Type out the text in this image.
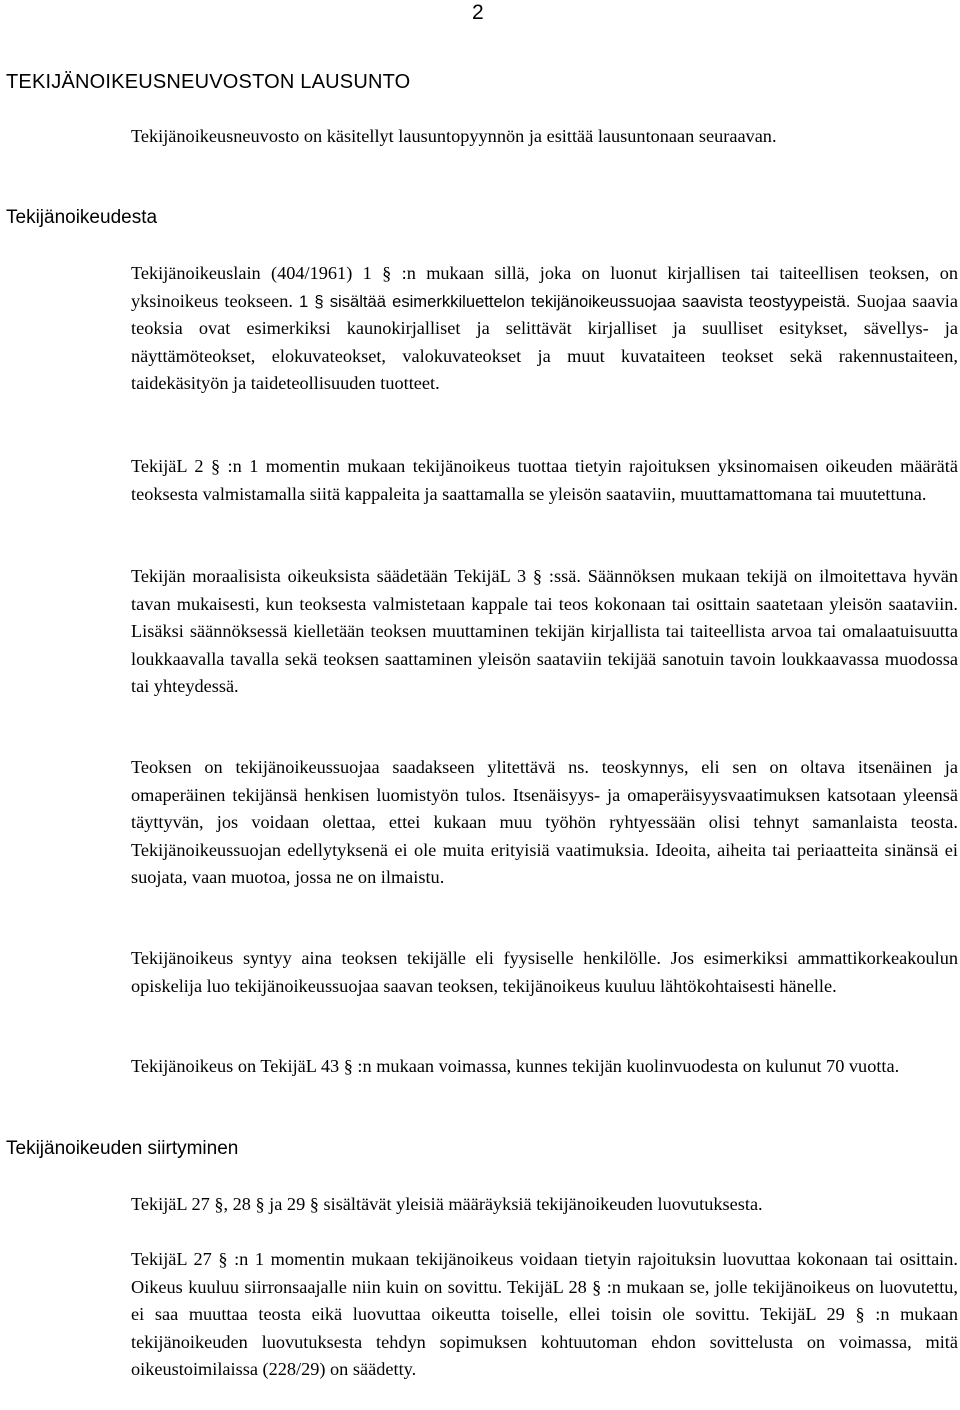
2
TEKIJÄNOIKEUSNEUVOSTON LAUSUNTO

Tekijänoikeusneuvosto on käsitellyt lausuntopyynnön ja esittää lausuntonaan seuraavan.

Tekijänoikeudesta

Tekijänoikeuslain (404/1961) 1 § :n mukaan sillä, joka on luonut kirjallisen tai taiteellisen teoksen, on yksinoikeus teokseen. 1 § sisältää esimerkkiluettelon tekijänoikeussuojaa saavista teostyypeistä. Suojaa saavia teoksia ovat esimerkiksi kaunokirjalliset ja selittävät kirjalliset ja suulliset esitykset, sävellys- ja näyttämöteokset, elokuvateokset, valokuvateokset ja muut kuvataiteen teokset sekä rakennustaiteen, taidekäsityön ja taideteollisuuden tuotteet.

TekijäL 2 § :n 1 momentin mukaan tekijänoikeus tuottaa tietyin rajoituksen yksinomaisen oikeuden määrätä teoksesta valmistamalla siitä kappaleita ja saattamalla se yleisön saataviin, muuttamattomana tai muutettuna.

Tekijän moraalisista oikeuksista säädetään TekijäL 3 § :ssä. Säännöksen mukaan tekijä on ilmoitettava hyvän tavan mukaisesti, kun teoksesta valmistetaan kappale tai teos kokonaan tai osittain saatetaan yleisön saataviin. Lisäksi säännöksessä kielletään teoksen muuttaminen tekijän kirjallista tai taiteellista arvoa tai omalaatuisuutta loukkaavalla tavalla sekä teoksen saattaminen yleisön saataviin tekijää sanotuin tavoin loukkaavassa muodossa tai yhteydessä.

Teoksen on tekijänoikeussuojaa saadakseen ylitettävä ns. teoskynnys, eli sen on oltava itsenäinen ja omaperäinen tekijänsä henkisen luomistyön tulos. Itsenäisyys- ja omaperäisyysvaatimuksen katsotaan yleensä täyttyvän, jos voidaan olettaa, ettei kukaan muu työhön ryhtyessään olisi tehnyt samanlaista teosta. Tekijänoikeussuojan edellytyksenä ei ole muita erityisiä vaatimuksia. Ideoita, aiheita tai periaatteita sinänsä ei suojata, vaan muotoa, jossa ne on ilmaistu.

Tekijänoikeus syntyy aina teoksen tekijälle eli fyysiselle henkilölle. Jos esimerkiksi ammattikorkeakoulun opiskelija luo tekijänoikeussuojaa saavan teoksen, tekijänoikeus kuuluu lähtökohtaisesti hänelle.

Tekijänoikeus on TekijäL 43 § :n mukaan voimassa, kunnes tekijän kuolinvuodesta on kulunut 70 vuotta.

Tekijänoikeuden siirtyminen

TekijäL 27 §, 28 § ja 29 § sisältävät yleisiä määräyksiä tekijänoikeuden luovutuksesta.

TekijäL 27 § :n 1 momentin mukaan tekijänoikeus voidaan tietyin rajoituksin luovuttaa kokonaan tai osittain. Oikeus kuuluu siirronsaajalle niin kuin on sovittu. TekijäL 28 § :n mukaan se, jolle tekijänoikeus on luovutettu, ei saa muuttaa teosta eikä luovuttaa oikeutta toiselle, ellei toisin ole sovittu. TekijäL 29 § :n mukaan tekijänoikeuden luovutuksesta tehdyn sopimuksen kohtuutoman ehdon sovittelusta on voimassa, mitä oikeustoimilaissa (228/29) on säädetty.
